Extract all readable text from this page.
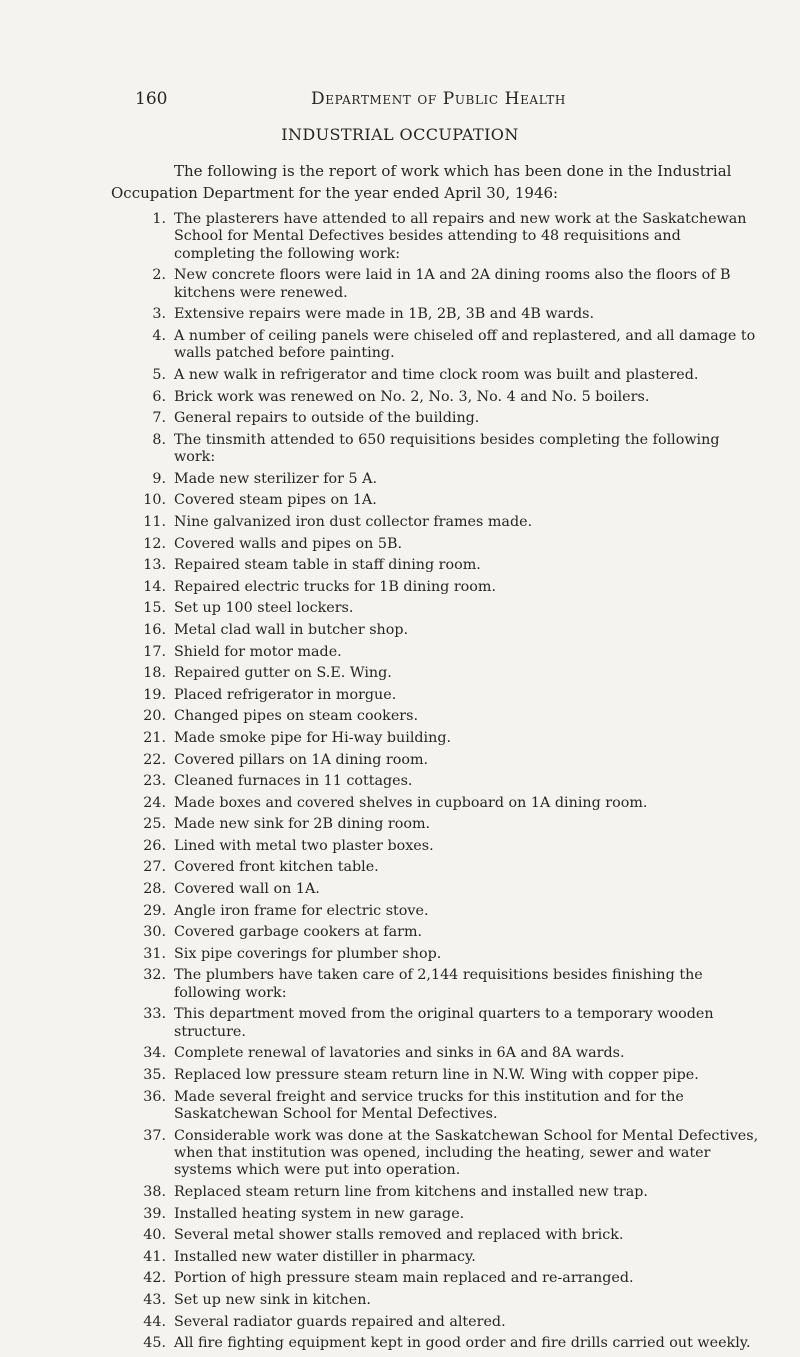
160	Department of Public Health
INDUSTRIAL OCCUPATION

The following is the report of work which has been done in the Industrial
Occupation Department for the year ended April 30, 1946:

1. The plasterers have attended to all repairs and new work at the Saskatchewan School for Mental Defectives besides attending to 48 requisitions and completing the following work:
2. New concrete floors were laid in 1A and 2A dining rooms also the floors of B kitchens were renewed.
3. Extensive repairs were made in 1B, 2B, 3B and 4B wards.
4. A number of ceiling panels were chiseled off and replastered, and all damage to walls patched before painting.
5. A new walk in refrigerator and time clock room was built and plastered.
6. Brick work was renewed on No. 2, No. 3, No. 4 and No. 5 boilers.
7. General repairs to outside of the building.
8. The tinsmith attended to 650 requisitions besides completing the following work:
9. Made new sterilizer for 5 A.
10. Covered steam pipes on 1A.
11. Nine galvanized iron dust collector frames made.
12. Covered walls and pipes on 5B.
13. Repaired steam table in staff dining room.
14. Repaired electric trucks for 1B dining room.
15. Set up 100 steel lockers.
16. Metal clad wall in butcher shop.
17. Shield for motor made.
18. Repaired gutter on S.E. Wing.
19. Placed refrigerator in morgue.
20. Changed pipes on steam cookers.
21. Made smoke pipe for Hi-way building.
22. Covered pillars on 1A dining room.
23. Cleaned furnaces in 11 cottages.
24. Made boxes and covered shelves in cupboard on 1A dining room.
25. Made new sink for 2B dining room.
26. Lined with metal two plaster boxes.
27. Covered front kitchen table.
28. Covered wall on 1A.
29. Angle iron frame for electric stove.
30. Covered garbage cookers at farm.
31. Six pipe coverings for plumber shop.
32. The plumbers have taken care of 2,144 requisitions besides finishing the following work:
33. This department moved from the original quarters to a temporary wooden structure.
34. Complete renewal of lavatories and sinks in 6A and 8A wards.
35. Replaced low pressure steam return line in N.W. Wing with copper pipe.
36. Made several freight and service trucks for this institution and for the Saskatchewan School for Mental Defectives.
37. Considerable work was done at the Saskatchewan School for Mental Defectives, when that institution was opened, including the heating, sewer and water systems which were put into operation.
38. Replaced steam return line from kitchens and installed new trap.
39. Installed heating system in new garage.
40. Several metal shower stalls removed and replaced with brick.
41. Installed new water distiller in pharmacy.
42. Portion of high pressure steam main replaced and re-arranged.
43. Set up new sink in kitchen.
44. Several radiator guards repaired and altered.
45. All fire fighting equipment kept in good order and fire drills carried out weekly.
